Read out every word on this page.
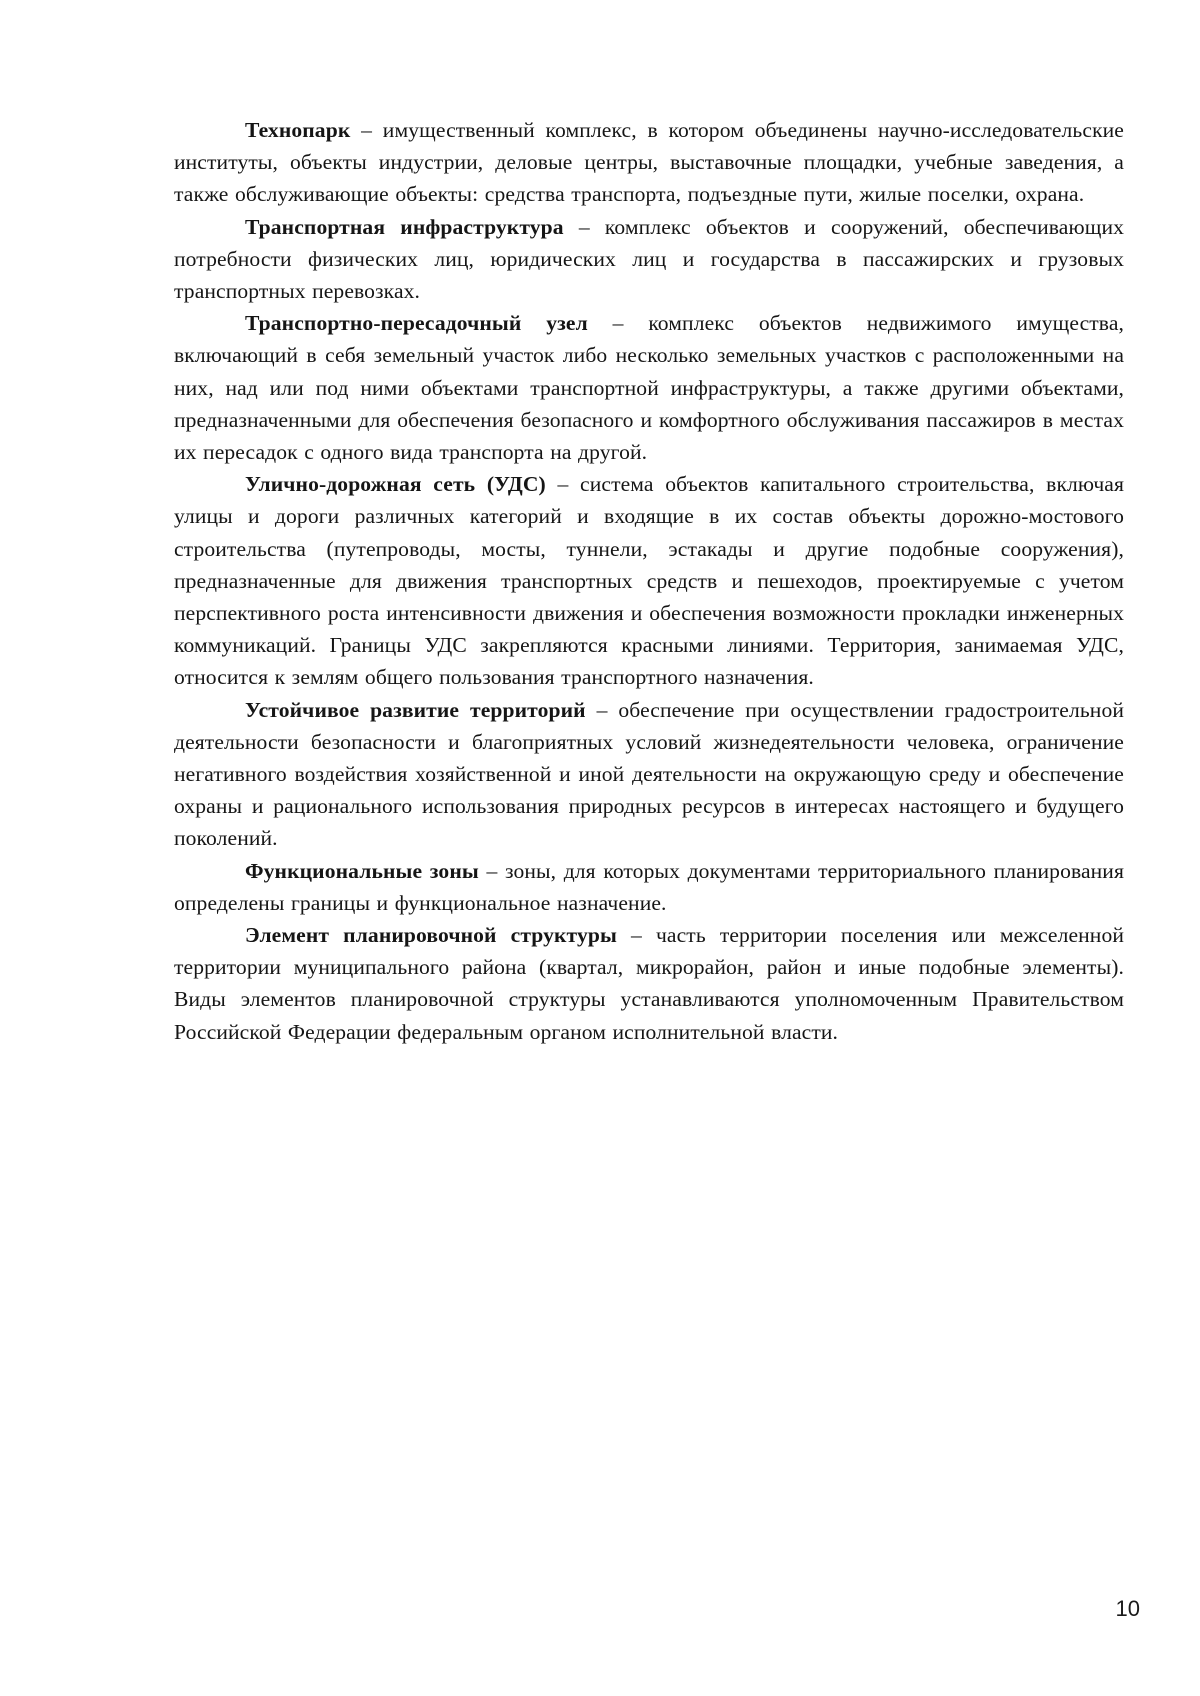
Технопарк – имущественный комплекс, в котором объединены научно-исследовательские институты, объекты индустрии, деловые центры, выставочные площадки, учебные заведения, а также обслуживающие объекты: средства транспорта, подъездные пути, жилые поселки, охрана.

Транспортная инфраструктура – комплекс объектов и сооружений, обеспечивающих потребности физических лиц, юридических лиц и государства в пассажирских и грузовых транспортных перевозках.

Транспортно-пересадочный узел – комплекс объектов недвижимого имущества, включающий в себя земельный участок либо несколько земельных участков с расположенными на них, над или под ними объектами транспортной инфраструктуры, а также другими объектами, предназначенными для обеспечения безопасного и комфортного обслуживания пассажиров в местах их пересадок с одного вида транспорта на другой.

Улично-дорожная сеть (УДС) – система объектов капитального строительства, включая улицы и дороги различных категорий и входящие в их состав объекты дорожно-мостового строительства (путепроводы, мосты, туннели, эстакады и другие подобные сооружения), предназначенные для движения транспортных средств и пешеходов, проектируемые с учетом перспективного роста интенсивности движения и обеспечения возможности прокладки инженерных коммуникаций. Границы УДС закрепляются красными линиями. Территория, занимаемая УДС, относится к землям общего пользования транспортного назначения.

Устойчивое развитие территорий – обеспечение при осуществлении градостроительной деятельности безопасности и благоприятных условий жизнедеятельности человека, ограничение негативного воздействия хозяйственной и иной деятельности на окружающую среду и обеспечение охраны и рационального использования природных ресурсов в интересах настоящего и будущего поколений.

Функциональные зоны – зоны, для которых документами территориального планирования определены границы и функциональное назначение.

Элемент планировочной структуры – часть территории поселения или межселенной территории муниципального района (квартал, микрорайон, район и иные подобные элементы). Виды элементов планировочной структуры устанавливаются уполномоченным Правительством Российской Федерации федеральным органом исполнительной власти.

10
